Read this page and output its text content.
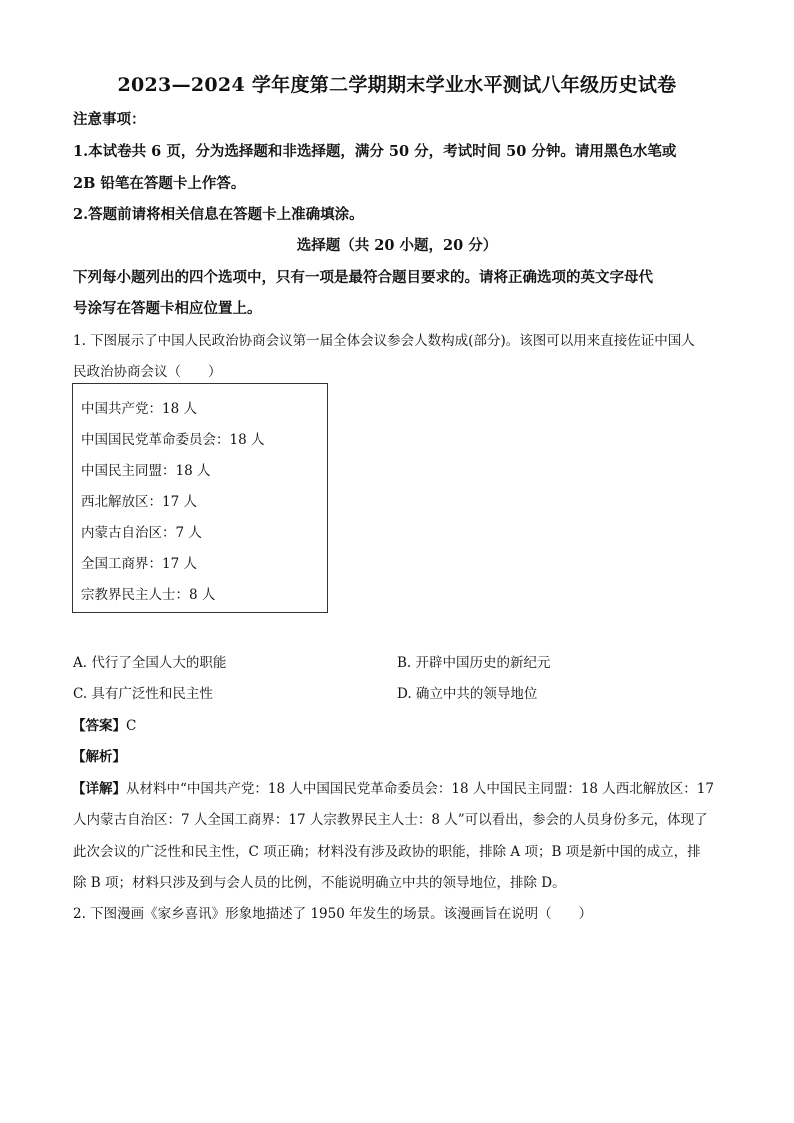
2023—2024 学年度第二学期期末学业水平测试八年级历史试卷
注意事项：
1.本试卷共 6 页，分为选择题和非选择题，满分 50 分，考试时间 50 分钟。请用黑色水笔或
2B 铅笔在答题卡上作答。
2.答题前请将相关信息在答题卡上准确填涂。
选择题（共 20 小题，20 分）
下列每小题列出的四个选项中，只有一项是最符合题目要求的。请将正确选项的英文字母代
号涂写在答题卡相应位置上。
1. 下图展示了中国人民政治协商会议第一届全体会议参会人数构成(部分)。该图可以用来直接佐证中国人
民政治协商会议（　　）
中国共产党：18 人
中国国民党革命委员会：18 人
中国民主同盟：18 人
西北解放区：17 人
内蒙古自治区：7 人
全国工商界：17 人
宗教界民主人士：8 人
A. 代行了全国人大的职能	B. 开辟中国历史的新纪元
C. 具有广泛性和民主性	D. 确立中共的领导地位
【答案】C
【解析】
【详解】从材料中“中国共产党：18 人中国国民党革命委员会：18 人中国民主同盟：18 人西北解放区：17
人内蒙古自治区：7 人全国工商界：17 人宗教界民主人士：8 人”可以看出，参会的人员身份多元，体现了
此次会议的广泛性和民主性，C 项正确；材料没有涉及政协的职能，排除 A 项；B 项是新中国的成立，排
除 B 项；材料只涉及到与会人员的比例，不能说明确立中共的领导地位，排除 D。
2. 下图漫画《家乡喜讯》形象地描述了 1950 年发生的场景。该漫画旨在说明（　　）
